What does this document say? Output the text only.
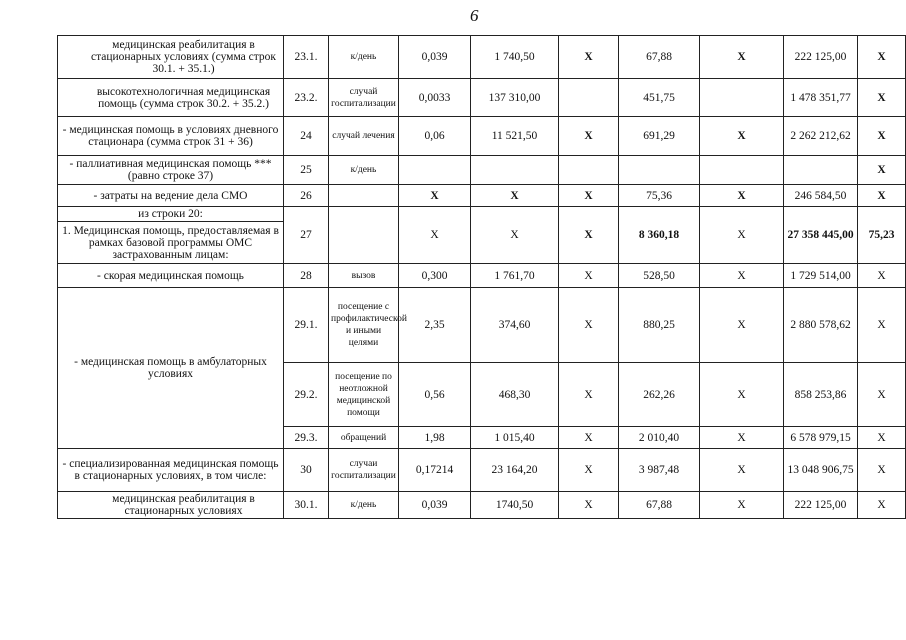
6
медицинская реабилитация в стационарных условиях (сумма строк 30.1. + 35.1.)	23.1.	к/день	0,039	1 740,50	X	67,88	X	222 125,00	X
высокотехнологичная медицинская помощь (сумма строк 30.2. + 35.2.)	23.2.	случай госпитализации	0,0033	137 310,00		451,75		1 478 351,77	X
- медицинская помощь в условиях дневного стационара (сумма строк 31 + 36)	24	случай лечения	0,06	11 521,50	X	691,29	X	2 262 212,62	X
- паллиативная медицинская помощь *** (равно строке 37)	25	к/день							X
- затраты на ведение дела СМО	26		X	X	X	75,36	X	246 584,50	X
из строки 20:	27		X	X	X	8 360,18	X	27 358 445,00	75,23
1. Медицинская помощь, предоставляемая в рамках базовой программы ОМС застрахованным лицам:									
- скорая медицинская помощь	28	вызов	0,300	1 761,70	X	528,50	X	1 729 514,00	X
- медицинская помощь в амбулаторных условиях	29.1.	посещение с профилактической и иными целями	2,35	374,60	X	880,25	X	2 880 578,62	X
	29.2.	посещение по неотложной медицинской помощи	0,56	468,30	X	262,26	X	858 253,86	X
	29.3.	обращений	1,98	1 015,40	X	2 010,40	X	6 578 979,15	X
- специализированная медицинская помощь в стационарных условиях, в том числе:	30	случаи госпитализации	0,17214	23 164,20	X	3 987,48	X	13 048 906,75	X
медицинская реабилитация в стационарных условиях	30.1.	к/день	0,039	1740,50	X	67,88	X	222 125,00	X
